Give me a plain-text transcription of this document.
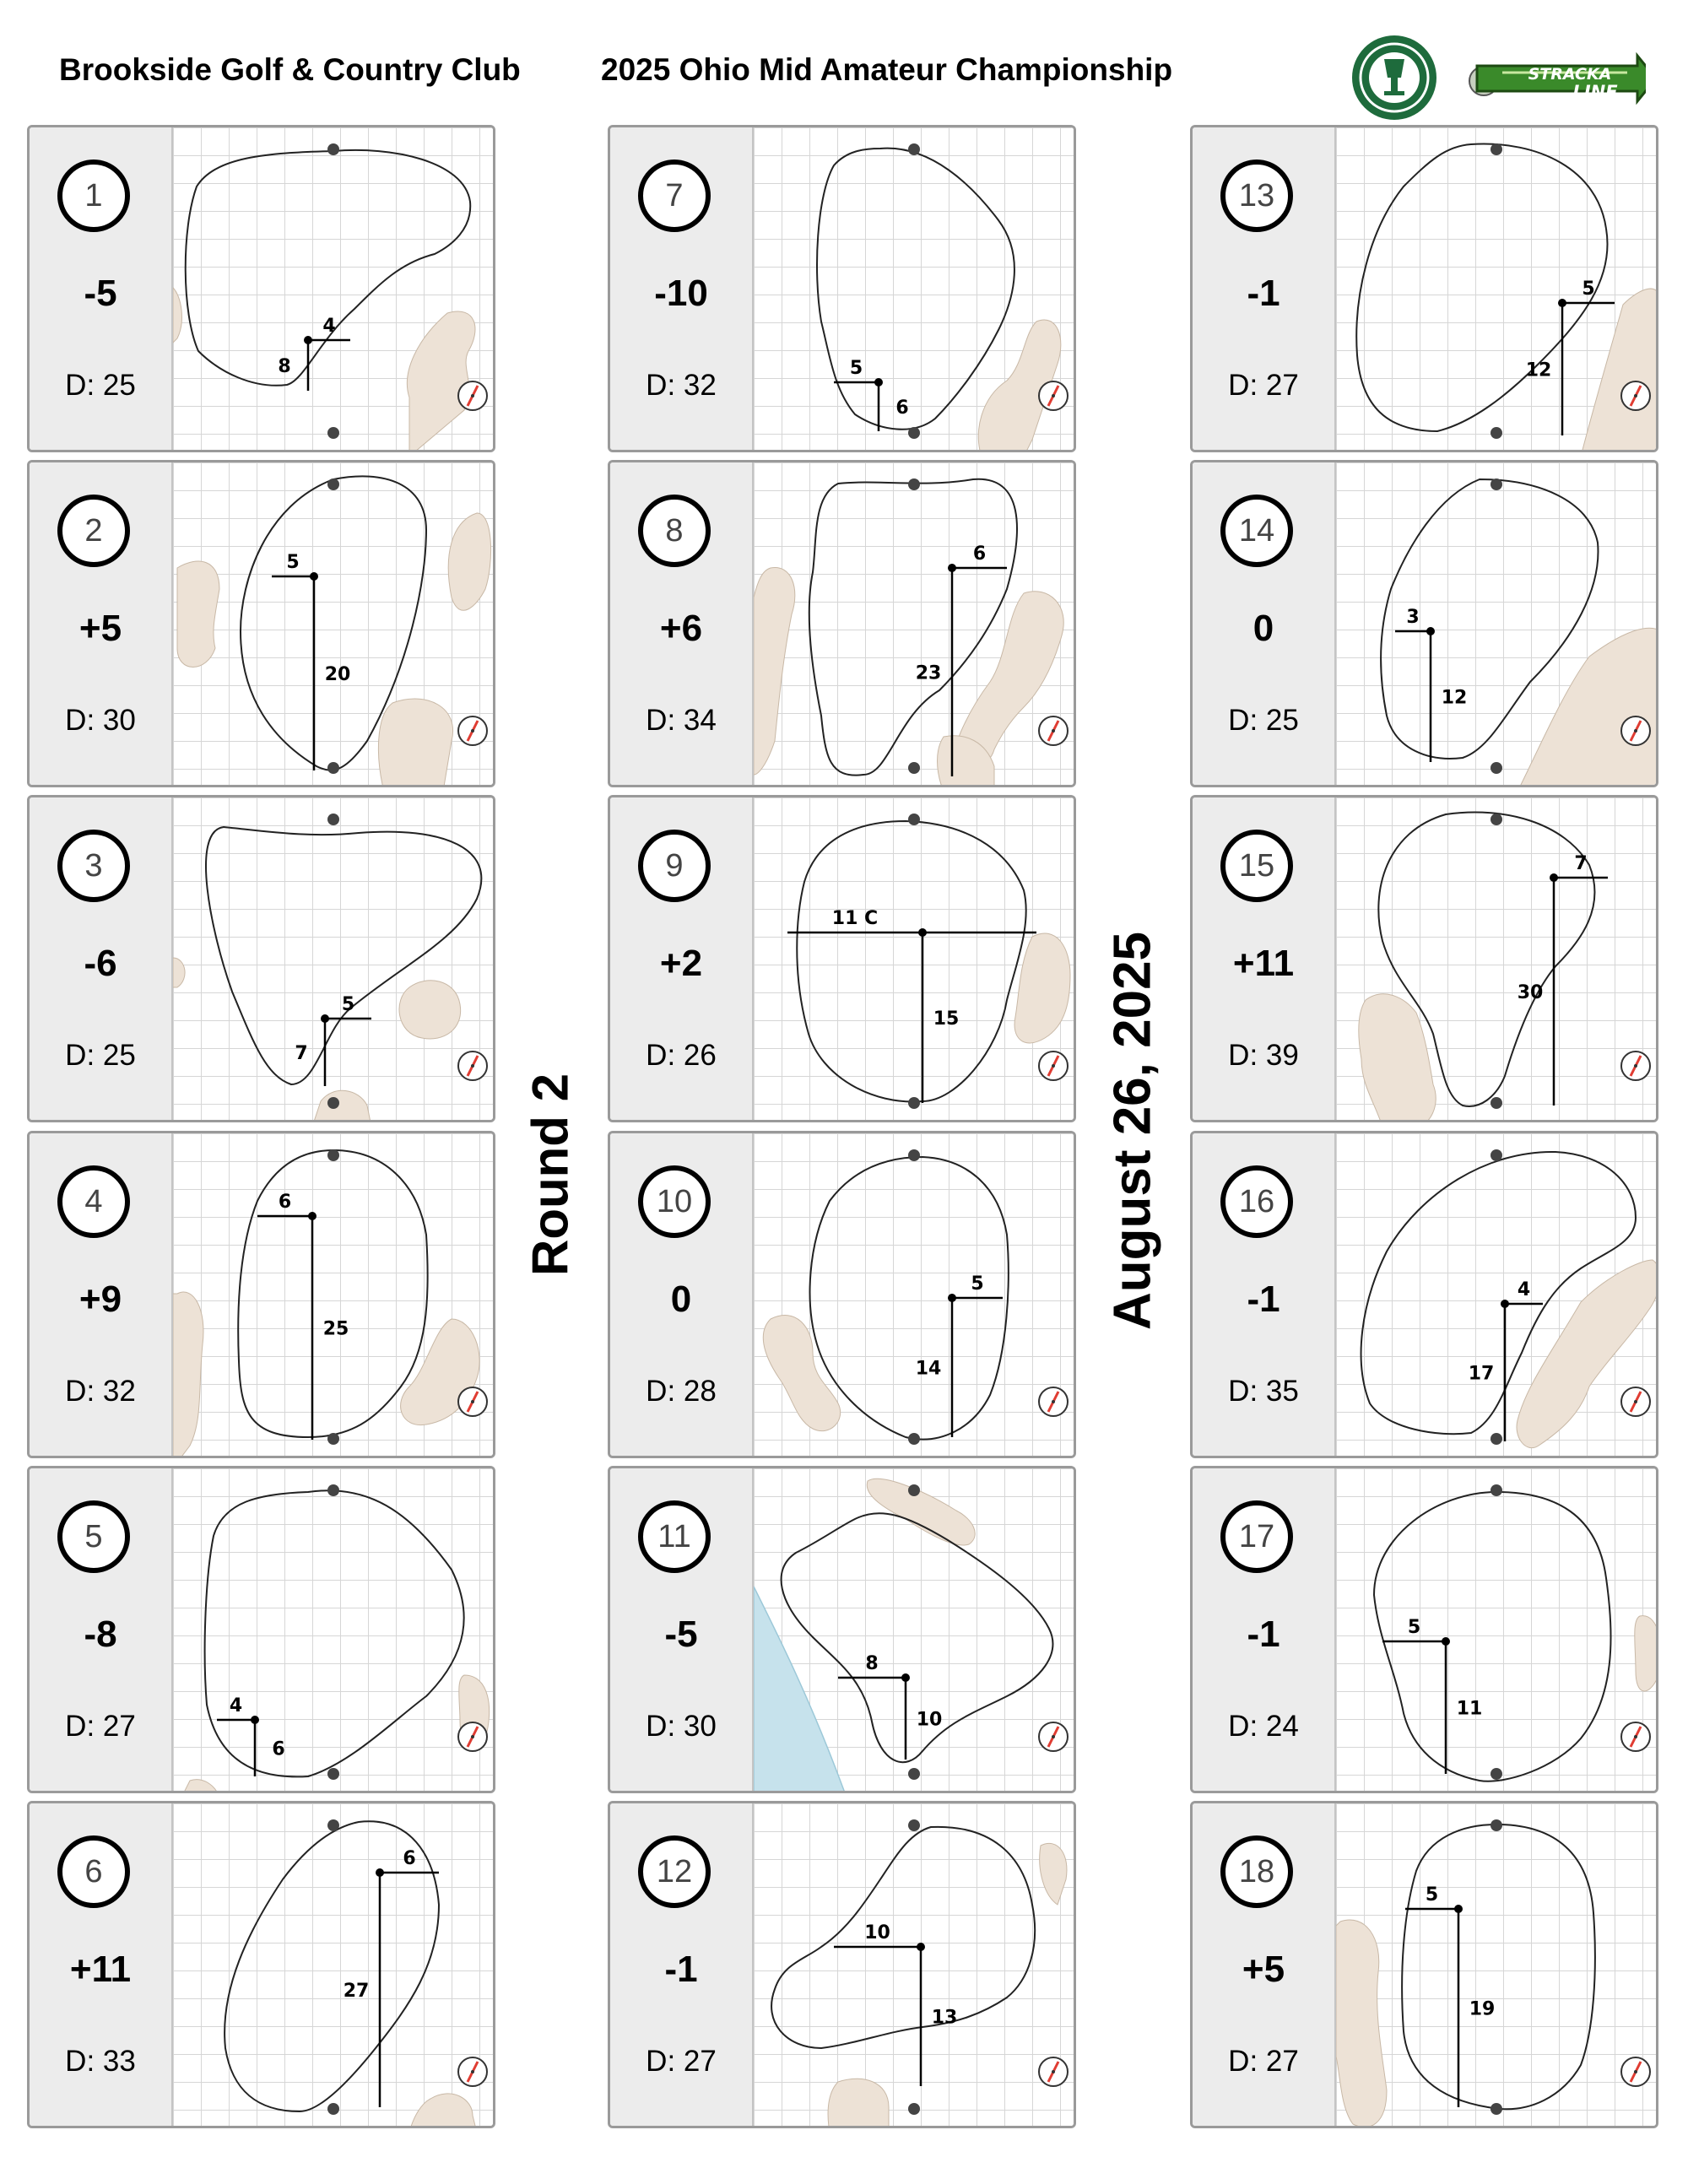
Brookside Golf & Country Club	2025 Ohio Mid Amateur Championship	STRACKA
LINE
Round 2	August 26, 2025
1
-5
D: 25
4
8
2
+5
D: 30
5
20
3
-6
D: 25
5
7
4
+9
D: 32
6
25
5
-8
D: 27
4
6
6
+11
D: 33
6
27
7
-10
D: 32
5
6
8
+6
D: 34
6
23
9
+2
D: 26
11 C
15
10
0
D: 28
5
14
11
-5
D: 30
8
10
12
-1
D: 27
10
13
13
-1
D: 27
5
12
14
0
D: 25
3
12
15
+11
D: 39
7
30
16
-1
D: 35
4
17
17
-1
D: 24
5
11
18
+5
D: 27
5
19
